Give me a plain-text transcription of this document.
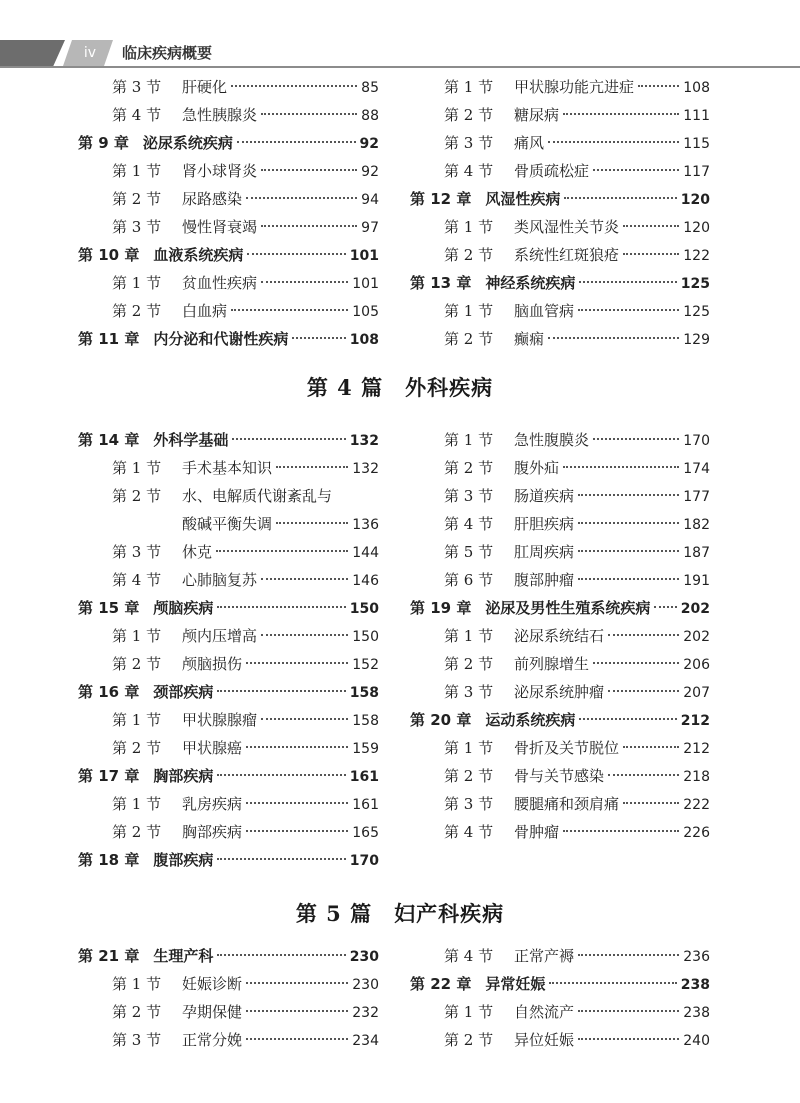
iv	临床疾病概要
第 3 节	肝硬化	85
第 4 节	急性胰腺炎	88
第 9 章 泌尿系统疾病	92
第 1 节	肾小球肾炎	92
第 2 节	尿路感染	94
第 3 节	慢性肾衰竭	97
第 10 章 血液系统疾病	101
第 1 节	贫血性疾病	101
第 2 节	白血病	105
第 11 章 内分泌和代谢性疾病	108
第 1 节	甲状腺功能亢进症	108
第 2 节	糖尿病	111
第 3 节	痛风	115
第 4 节	骨质疏松症	117
第 12 章 风湿性疾病	120
第 1 节	类风湿性关节炎	120
第 2 节	系统性红斑狼疮	122
第 13 章 神经系统疾病	125
第 1 节	脑血管病	125
第 2 节	癫痫	129
第 4 篇　外科疾病
第 14 章 外科学基础	132
第 1 节	手术基本知识	132
第 2 节	水、电解质代谢紊乱与
酸碱平衡失调	136
第 3 节	休克	144
第 4 节	心肺脑复苏	146
第 15 章 颅脑疾病	150
第 1 节	颅内压增高	150
第 2 节	颅脑损伤	152
第 16 章 颈部疾病	158
第 1 节	甲状腺腺瘤	158
第 2 节	甲状腺癌	159
第 17 章 胸部疾病	161
第 1 节	乳房疾病	161
第 2 节	胸部疾病	165
第 18 章 腹部疾病	170
第 1 节	急性腹膜炎	170
第 2 节	腹外疝	174
第 3 节	肠道疾病	177
第 4 节	肝胆疾病	182
第 5 节	肛周疾病	187
第 6 节	腹部肿瘤	191
第 19 章 泌尿及男性生殖系统疾病 202
第 1 节	泌尿系统结石	202
第 2 节	前列腺增生	206
第 3 节	泌尿系统肿瘤	207
第 20 章 运动系统疾病	212
第 1 节	骨折及关节脱位	212
第 2 节	骨与关节感染	218
第 3 节	腰腿痛和颈肩痛	222
第 4 节	骨肿瘤	226
第 5 篇　妇产科疾病
第 21 章 生理产科	230
第 1 节	妊娠诊断	230
第 2 节	孕期保健	232
第 3 节	正常分娩	234
第 4 节	正常产褥	236
第 22 章 异常妊娠	238
第 1 节	自然流产	238
第 2 节	异位妊娠	240
